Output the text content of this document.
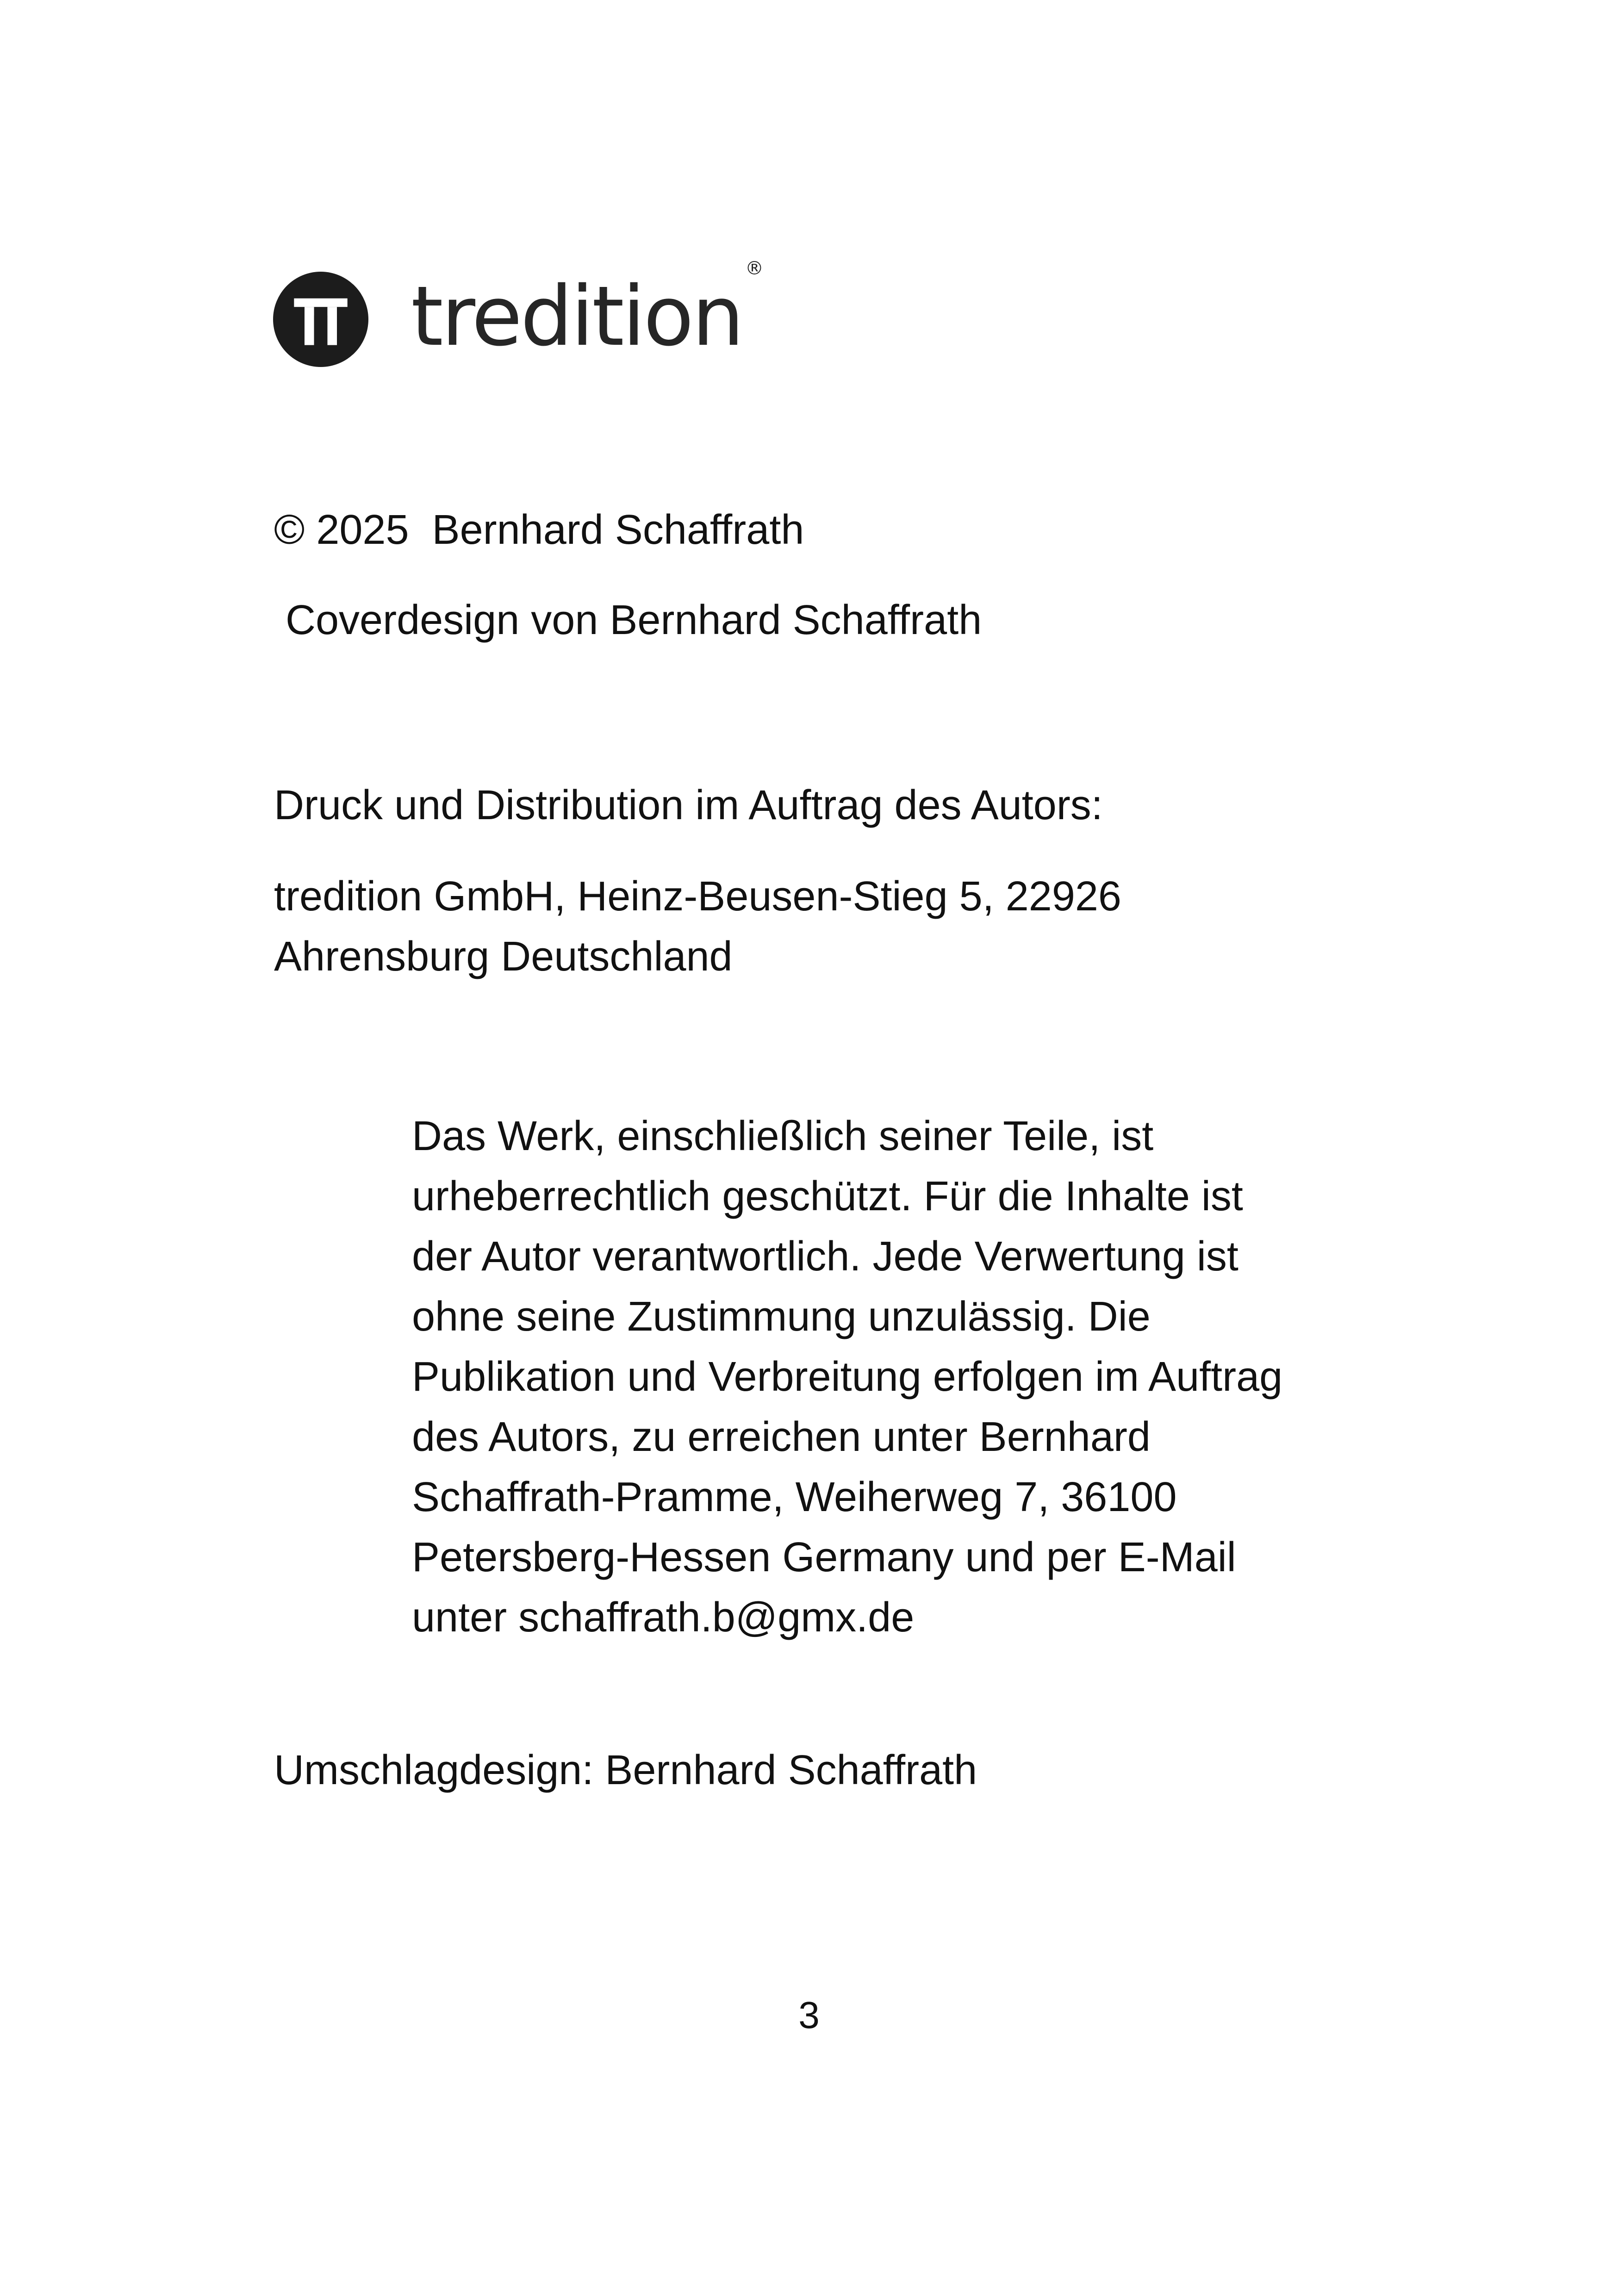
tredition ®

© 2025  Bernhard Schaffrath

Coverdesign von Bernhard Schaffrath

Druck und Distribution im Auftrag des Autors:

tredition GmbH, Heinz-Beusen-Stieg 5, 22926
Ahrensburg Deutschland

Das Werk, einschließlich seiner Teile, ist
urheberrechtlich geschützt. Für die Inhalte ist
der Autor verantwortlich. Jede Verwertung ist
ohne seine Zustimmung unzulässig. Die
Publikation und Verbreitung erfolgen im Auftrag
des Autors, zu erreichen unter Bernhard
Schaffrath-Pramme, Weiherweg 7, 36100
Petersberg-Hessen Germany und per E-Mail
unter schaffrath.b@gmx.de

Umschlagdesign: Bernhard Schaffrath

3
